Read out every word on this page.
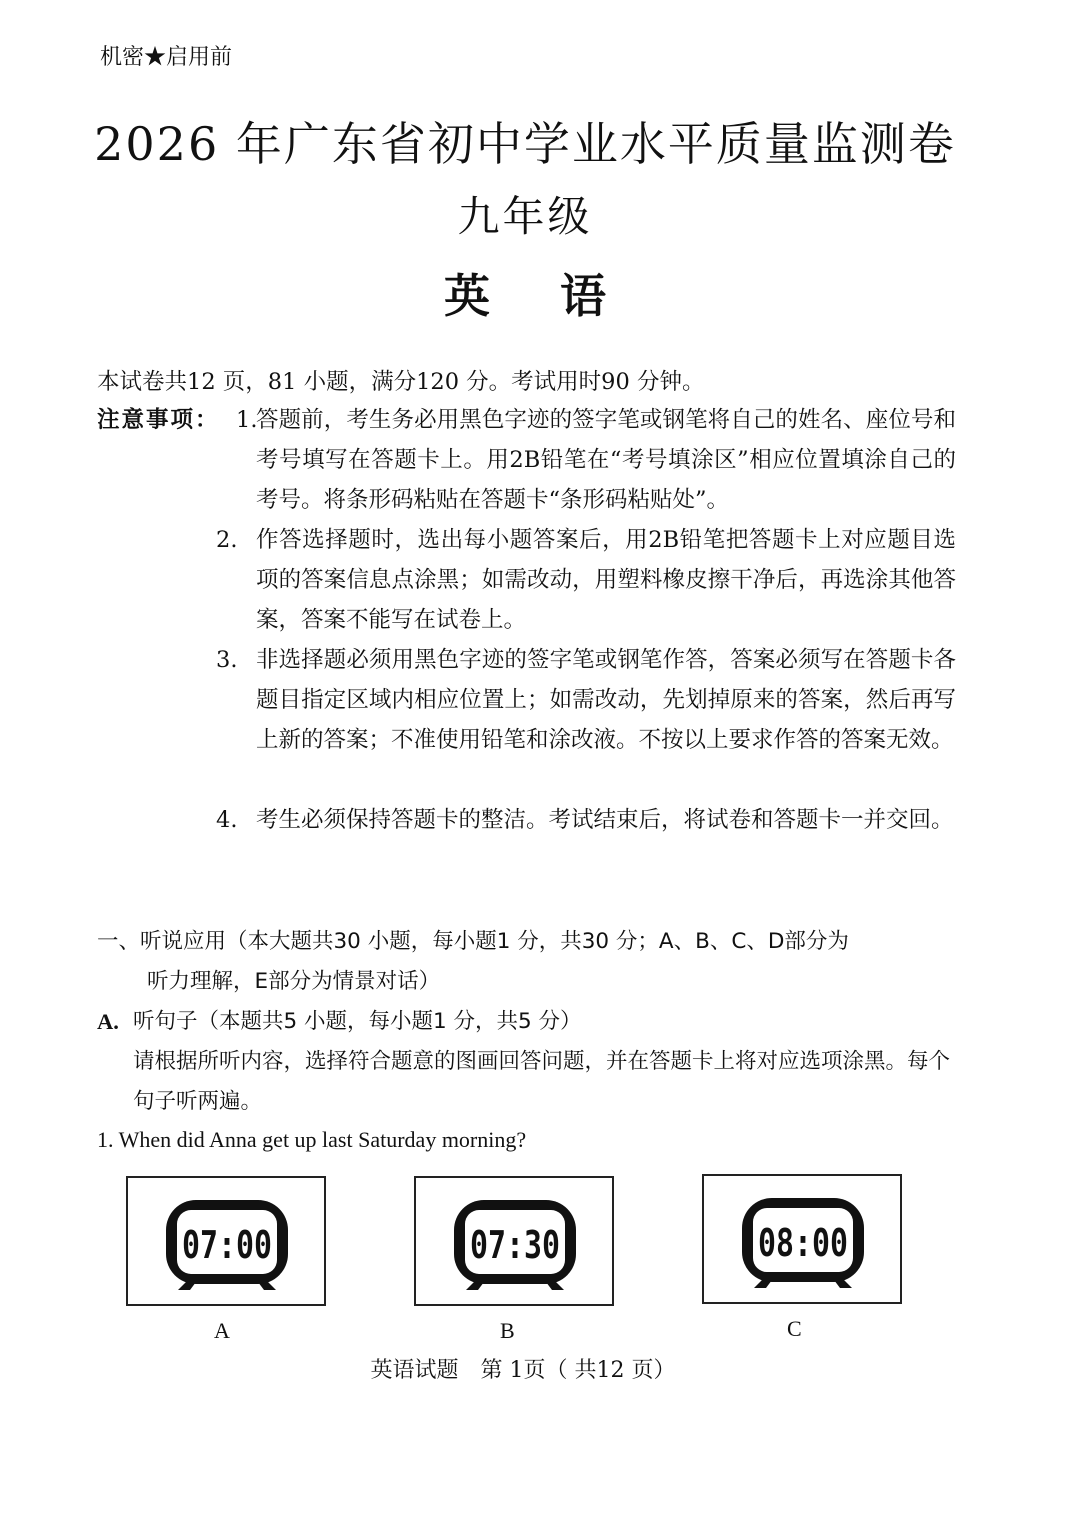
机密★启用前
2026 年广东省初中学业水平质量监测卷
九年级
英语
本试卷共12 页，81 小题，满分120 分。考试用时90 分钟。
注意事项： 1.
答题前，考生务必用黑色字迹的签字笔或钢笔将自己的姓名、座位号和考号填写在答题卡上。用2B铅笔在“考号填涂区”相应位置填涂自己的考号。将条形码粘贴在答题卡“条形码粘贴处”。
2. 作答选择题时，选出每小题答案后，用2B铅笔把答题卡上对应题目选项的答案信息点涂黑；如需改动，用塑料橡皮擦干净后，再选涂其他答案，答案不能写在试卷上。
3. 非选择题必须用黑色字迹的签字笔或钢笔作答，答案必须写在答题卡各题目指定区域内相应位置上；如需改动，先划掉原来的答案，然后再写上新的答案；不准使用铅笔和涂改液。不按以上要求作答的答案无效。
4. 考生必须保持答题卡的整洁。考试结束后，将试卷和答题卡一并交回。
一、听说应用（本大题共30 小题，每小题1 分，共30 分；A、B、C、D部分为
听力理解，E部分为情景对话）
A. 听句子（本题共5 小题，每小题1 分，共5 分）
请根据所听内容，选择符合题意的图画回答问题，并在答题卡上将对应选项涂黑。每个句子听两遍。
1. When did Anna get up last Saturday morning?
07:00
A
07:30
B
08:00
C
英语试题　第 1页（ 共12 页）
